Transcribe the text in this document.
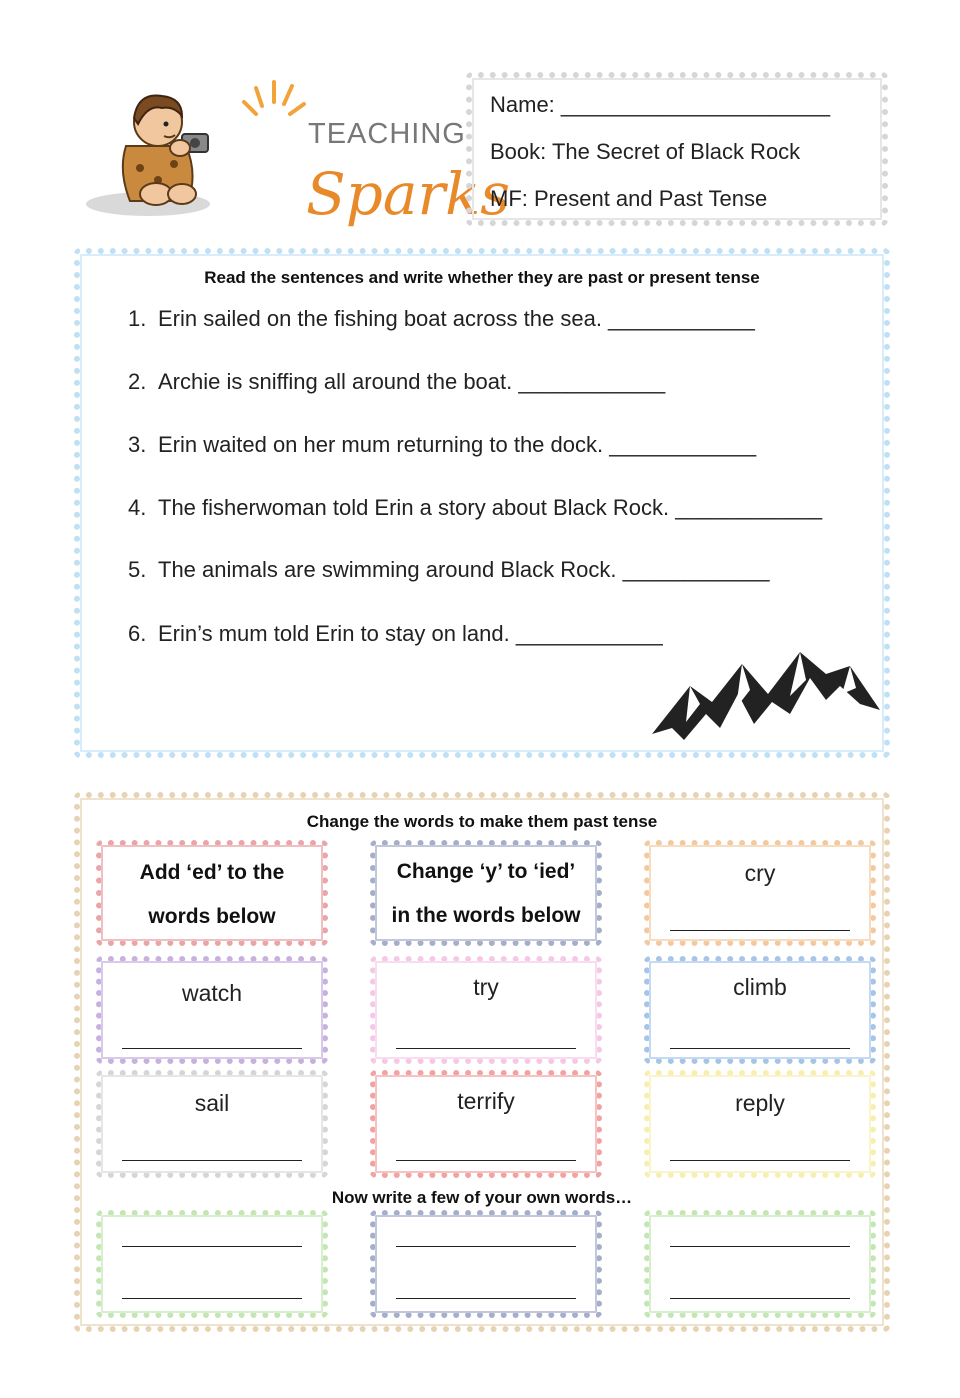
TEACHING
Sparks
Name: ______________________
Book: The Secret of Black Rock
MF: Present and Past Tense
Read the sentences and write whether they are past or present tense
1. Erin sailed on the fishing boat across the sea. ____________
2. Archie is sniffing all around the boat. ____________
3. Erin waited on her mum returning to the dock. ____________
4. The fisherwoman told Erin a story about Black Rock. ____________
5. The animals are swimming around Black Rock. ____________
6. Erin’s mum told Erin to stay on land. ____________
Change the words to make them past tense
Add ‘ed’ to the
words below
Change ‘y’ to ‘ied’
in the words below
cry
watch	try	climb
sail	terrify	reply
Now write a few of your own words…
